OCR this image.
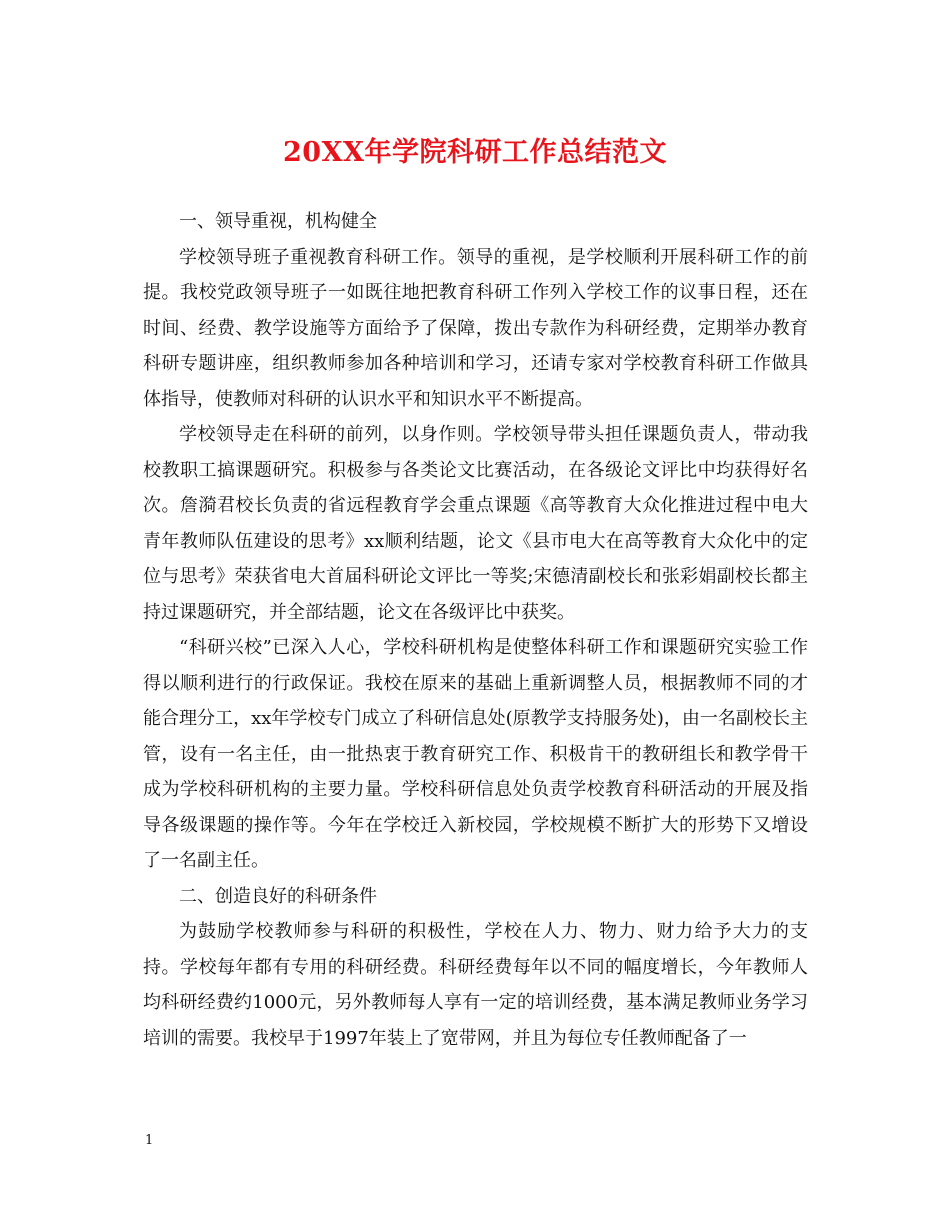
20XX年学院科研工作总结范文

一、领导重视，机构健全

学校领导班子重视教育科研工作。领导的重视，是学校顺利开展科研工作的前提。我校党政领导班子一如既往地把教育科研工作列入学校工作的议事日程，还在时间、经费、教学设施等方面给予了保障，拨出专款作为科研经费，定期举办教育科研专题讲座，组织教师参加各种培训和学习，还请专家对学校教育科研工作做具体指导，使教师对科研的认识水平和知识水平不断提高。

学校领导走在科研的前列，以身作则。学校领导带头担任课题负责人，带动我校教职工搞课题研究。积极参与各类论文比赛活动，在各级论文评比中均获得好名次。詹漪君校长负责的省远程教育学会重点课题《高等教育大众化推进过程中电大青年教师队伍建设的思考》xx顺利结题，论文《县市电大在高等教育大众化中的定位与思考》荣获省电大首届科研论文评比一等奖;宋德清副校长和张彩娟副校长都主持过课题研究，并全部结题，论文在各级评比中获奖。

“科研兴校”已深入人心，学校科研机构是使整体科研工作和课题研究实验工作得以顺利进行的行政保证。我校在原来的基础上重新调整人员，根据教师不同的才能合理分工，xx年学校专门成立了科研信息处(原教学支持服务处)，由一名副校长主管，设有一名主任，由一批热衷于教育研究工作、积极肯干的教研组长和教学骨干成为学校科研机构的主要力量。学校科研信息处负责学校教育科研活动的开展及指导各级课题的操作等。今年在学校迁入新校园，学校规模不断扩大的形势下又增设了一名副主任。

二、创造良好的科研条件

为鼓励学校教师参与科研的积极性，学校在人力、物力、财力给予大力的支持。学校每年都有专用的科研经费。科研经费每年以不同的幅度增长，今年教师人均科研经费约1000元，另外教师每人享有一定的培训经费，基本满足教师业务学习培训的需要。我校早于1997年装上了宽带网，并且为每位专任教师配备了一

1
